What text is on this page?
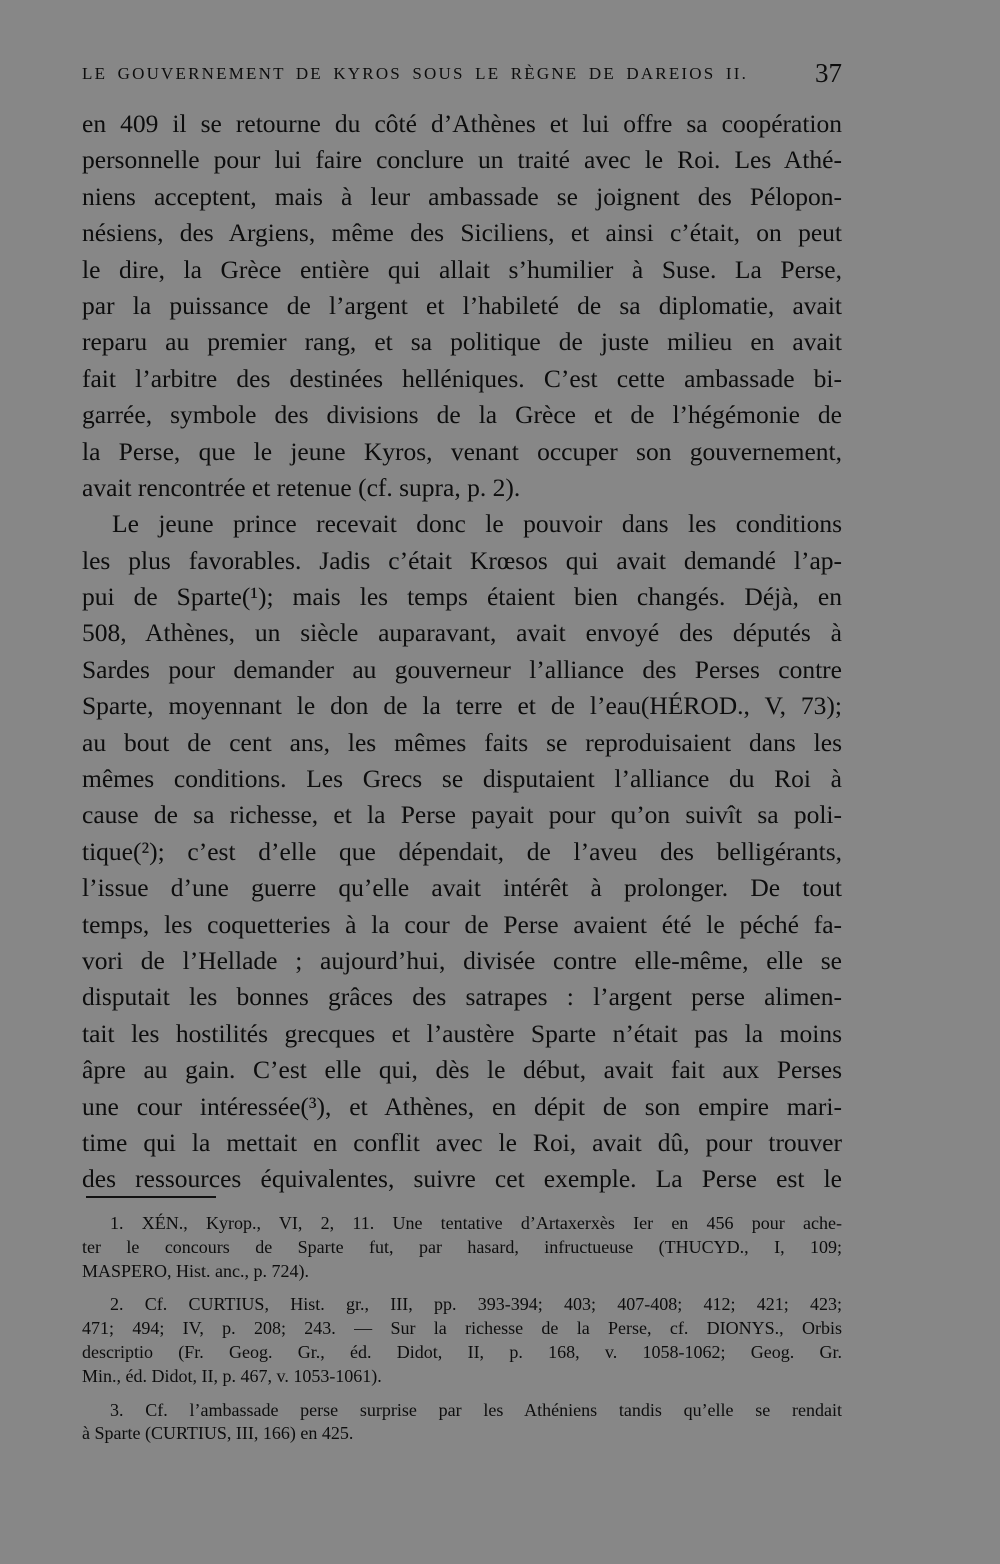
LE GOUVERNEMENT DE KYROS SOUS LE RÈGNE DE DAREIOS II. 37
en 409 il se retourne du côté d’Athènes et lui offre sa coopération
personnelle pour lui faire conclure un traité avec le Roi. Les Athé-
niens acceptent, mais à leur ambassade se joignent des Pélopon-
nésiens, des Argiens, même des Siciliens, et ainsi c’était, on peut
le dire, la Grèce entière qui allait s’humilier à Suse. La Perse,
par la puissance de l’argent et l’habileté de sa diplomatie, avait
reparu au premier rang, et sa politique de juste milieu en avait
fait l’arbitre des destinées helléniques. C’est cette ambassade bi-
garrée, symbole des divisions de la Grèce et de l’hégémonie de
la Perse, que le jeune Kyros, venant occuper son gouvernement,
avait rencontrée et retenue (cf. supra, p. 2).
Le jeune prince recevait donc le pouvoir dans les conditions
les plus favorables. Jadis c’était Krœsos qui avait demandé l’ap-
pui de Sparte(¹); mais les temps étaient bien changés. Déjà, en
508, Athènes, un siècle auparavant, avait envoyé des députés à
Sardes pour demander au gouverneur l’alliance des Perses contre
Sparte, moyennant le don de la terre et de l’eau(HÉROD., V, 73);
au bout de cent ans, les mêmes faits se reproduisaient dans les
mêmes conditions. Les Grecs se disputaient l’alliance du Roi à
cause de sa richesse, et la Perse payait pour qu’on suivît sa poli-
tique(²); c’est d’elle que dépendait, de l’aveu des belligérants,
l’issue d’une guerre qu’elle avait intérêt à prolonger. De tout
temps, les coquetteries à la cour de Perse avaient été le péché fa-
vori de l’Hellade ; aujourd’hui, divisée contre elle-même, elle se
disputait les bonnes grâces des satrapes : l’argent perse alimen-
tait les hostilités grecques et l’austère Sparte n’était pas la moins
âpre au gain. C’est elle qui, dès le début, avait fait aux Perses
une cour intéressée(³), et Athènes, en dépit de son empire mari-
time qui la mettait en conflit avec le Roi, avait dû, pour trouver
des ressources équivalentes, suivre cet exemple. La Perse est le
1. XÉN., Kyrop., VI, 2, 11. Une tentative d’Artaxerxès Ier en 456 pour ache-
ter le concours de Sparte fut, par hasard, infructueuse (THUCYD., I, 109;
MASPERO, Hist. anc., p. 724).
2. Cf. CURTIUS, Hist. gr., III, pp. 393-394; 403; 407-408; 412; 421; 423;
471; 494; IV, p. 208; 243. — Sur la richesse de la Perse, cf. DIONYS., Orbis
descriptio (Fr. Geog. Gr., éd. Didot, II, p. 168, v. 1058-1062; Geog. Gr.
Min., éd. Didot, II, p. 467, v. 1053-1061).
3. Cf. l’ambassade perse surprise par les Athéniens tandis qu’elle se rendait
à Sparte (CURTIUS, III, 166) en 425.
